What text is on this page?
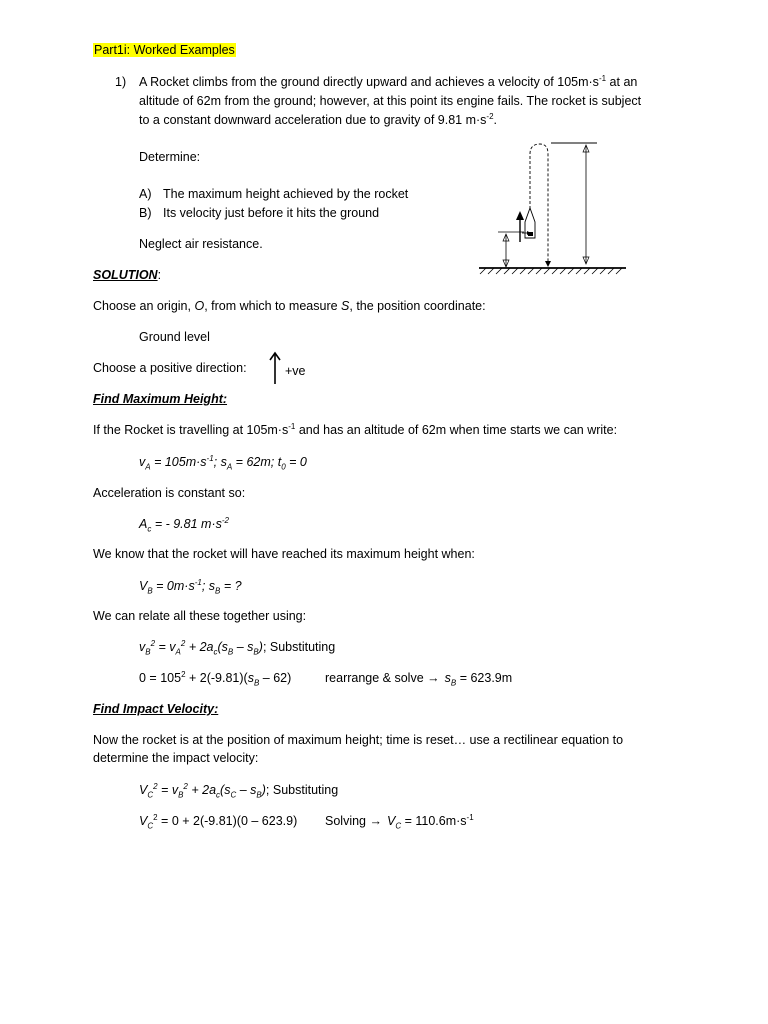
Part1i: Worked Examples
1) A Rocket climbs from the ground directly upward and achieves a velocity of $105m\cdot s^{-1}$ at an
altitude of 62m from the ground; however, at this point its engine fails. The rocket is subject
to a constant downward acceleration due to gravity of 9.81 $m\cdot s^{-2}$.
Determine:
A) The maximum height achieved by the rocket
B) Its velocity just before it hits the ground
Neglect air resistance.
SOLUTION:
Choose an origin, O, from which to measure S, the position coordinate:
Ground level
Choose a positive direction:	+ve
Find Maximum Height:
If the Rocket is travelling at $105m\cdot s^{-1}$ and has an altitude of 62m when time starts we can write:
$v_A = 105m\cdot s^{-1}$; $s_A = 62m$; $t_0 = 0$
Acceleration is constant so:
$A_c$ = - 9.81 $m\cdot s^{-2}$
We know that the rocket will have reached its maximum height when:
$V_B = 0m\cdot s^{-1}$; $s_B$ = ?
We can relate all these together using:
$v_B^2 = v_A^2 + 2a_c(s_B - s_B)$; Substituting
$0 = 105^2 + 2(-9.81)(s_B - 62)$	rearrange & solve → $s_B = 623.9m$
Find Impact Velocity:
Now the rocket is at the position of maximum height; time is reset… use a rectilinear equation to
determine the impact velocity:
$V_C^2 = v_B^2 + 2a_c(s_C - s_B)$; Substituting
$V_C^2 = 0 + 2(-9.81)(0 - 623.9)$ Solving → $V_C = 110.6m\cdot s^{-1}$
